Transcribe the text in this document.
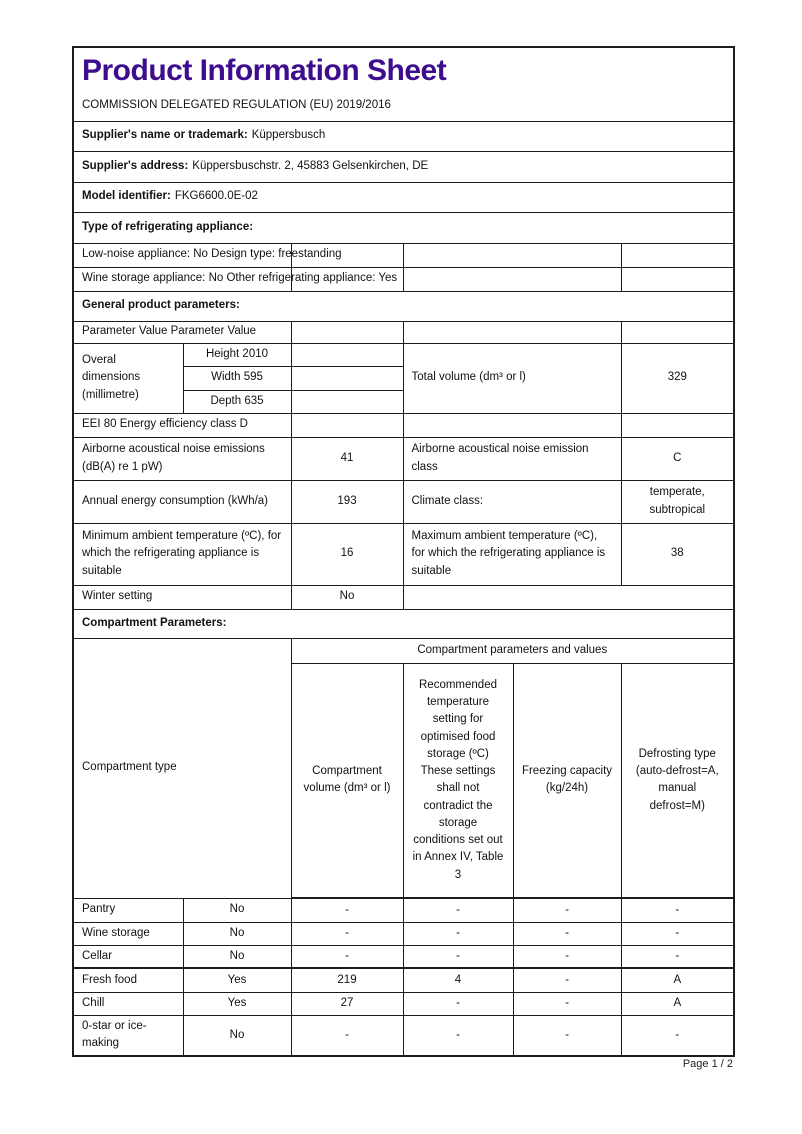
Product Information Sheet
COMMISSION DELEGATED REGULATION (EU) 2019/2016					

Supplier's name or trademark: Küppersbusch					
Supplier's address: Küppersbuschstr. 2, 45883 Gelsenkirchen, DE					
Model identifier: FKG6600.0E-02					
Type of refrigerating appliance:					
Low-noise appliance: No Design type: freestanding					
Wine storage appliance: No Other refrigerating appliance: Yes					
General product parameters:					
Parameter Value Parameter Value					
Overal dimensions (millimetre)	Height 2010		Total volume (dm³ or l)		329
	Width 595				
	Depth 635				
EEI 80 Energy efficiency class D					
Airborne acoustical noise emissions (dB(A) re 1 pW)		41	Airborne acoustical noise emission class		C
Annual energy consumption (kWh/a)		193	Climate class:		temperate, subtropical
Minimum ambient temperature (ºC), for which the refrigerating appliance is suitable		16	Maximum ambient temperature (ºC), for which the refrigerating appliance is suitable		38
Winter setting		No			
Compartment Parameters:					
Compartment type		Compartment parameters and values			
		Compartment volume (dm³ or l)	Recommended temperature setting for optimised food storage (ºC) These settings shall not contradict the storage conditions set out in Annex IV, Table 3	Freezing capacity (kg/24h)	Defrosting type (auto-defrost=A, manual defrost=M)
Pantry	No	-	-	-	-
Wine storage	No	-	-	-	-
Cellar	No	-	-	-	-
Fresh food	Yes	219	4	-	A
Chill	Yes	27	-	-	A
0-star or ice-making	No	-	-	-	-
Page 1 / 2
